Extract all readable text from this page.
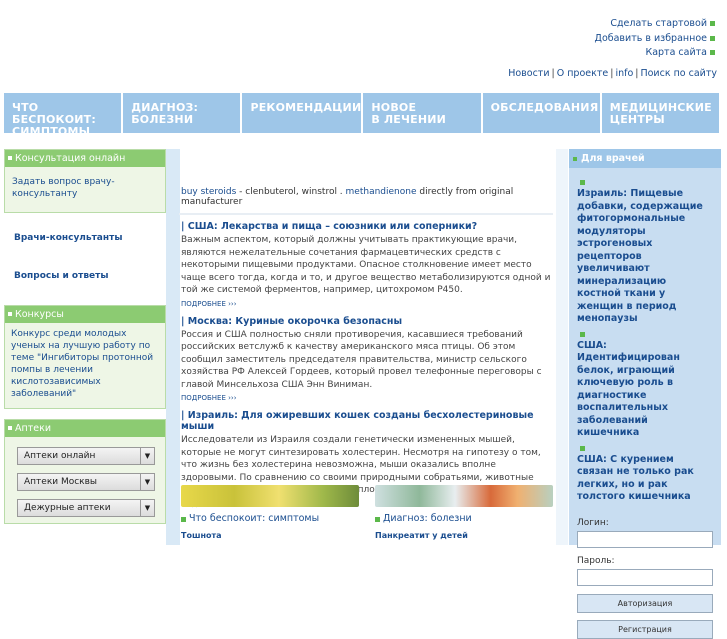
Сделать стартовой
Добавить в избранное
Карта сайта
Новости | О проекте | info | Поиск по сайту
ЧТО БЕСПОКОИТ:
СИМПТОМЫ
ДИАГНОЗ:
БОЛЕЗНИ
РЕКОМЕНДАЦИИ НОВОЕ
В ЛЕЧЕНИИ
ОБСЛЕДОВАНИЯ МЕДИЦИНСКИЕ
ЦЕНТРЫ
Консультация онлайн
Задать вопрос врачу-консультанту
Врачи-консультанты
Вопросы и ответы
Конкурсы
Конкурс среди молодых ученых на лучшую работу по теме "Ингибиторы протонной помпы в лечении кислотозависимых заболеваний"
Аптеки
Аптеки онлайн	▼
Аптеки Москвы	▼
Дежурные аптеки	▼
buy steroids - clenbuterol, winstrol . methandienone directly from original manufacturer
| США: Лекарства и пища – союзники или соперники?

Важным аспектом, который должны учитывать практикующие врачи, являются нежелательные сочетания фармацевтических средств с некоторыми пищевыми продуктами. Опасное столкновение имеет место чаще всего тогда, когда и то, и другое вещество метаболизируются одной и той же системой ферментов, например, цитохромом Р450.

ПОДРОБНЕЕ ›››
| Москва: Куриные окорочка безопасны

Россия и США полностью сняли противоречия, касавшиеся требований российских ветслужб к качеству американского мяса птицы. Об этом сообщил заместитель председателя правительства, министр сельского хозяйства РФ Алексей Гордеев, который провел телефонные переговоры с главой Минсельхоза США Энн Виниман.

ПОДРОБНЕЕ ›››
| Израиль: Для ожиревших кошек созданы бесхолестериновые мыши

Исследователи из Израиля создали генетически измененных мышей, которые не могут синтезировать холестерин. Несмотря на гипотезу о том, что жизнь без холестерина невозможна, мыши оказались вполне здоровыми. По сравнению со своими природными собратьями, животные бесплодны.

Что беспокоит: симптомы
Тошнота
Диагноз: болезни
Панкреатит у детей
Для врачей
Израиль: Пищевые добавки, содержащие фитогормональные модуляторы эстрогеновых рецепторов увеличивают минерализацию костной ткани у женщин в период менопаузы
США: Идентифицирован белок, играющий ключевую роль в диагностике воспалительных заболеваний кишечника
США: С курением связан не только рак легких, но и рак толстого кишечника
Логин:
Пароль:
Авторизация
Регистрация
